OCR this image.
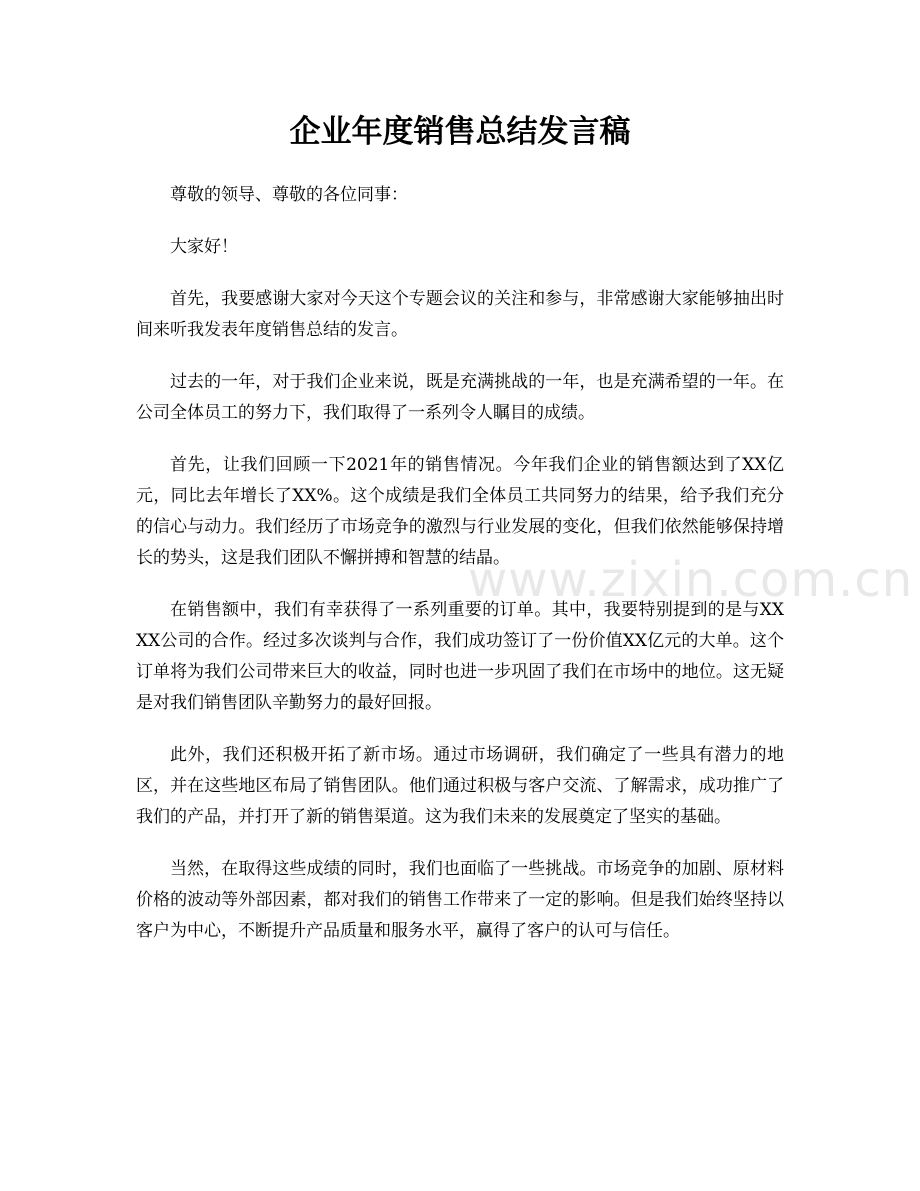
企业年度销售总结发言稿

尊敬的领导、尊敬的各位同事：

大家好！

首先，我要感谢大家对今天这个专题会议的关注和参与，非常感谢大家能够抽出时间来听我发表年度销售总结的发言。

过去的一年，对于我们企业来说，既是充满挑战的一年，也是充满希望的一年。在公司全体员工的努力下，我们取得了一系列令人瞩目的成绩。

首先，让我们回顾一下2021年的销售情况。今年我们企业的销售额达到了XX亿元，同比去年增长了XX%。这个成绩是我们全体员工共同努力的结果，给予我们充分的信心与动力。我们经历了市场竞争的激烈与行业发展的变化，但我们依然能够保持增长的势头，这是我们团队不懈拼搏和智慧的结晶。

在销售额中，我们有幸获得了一系列重要的订单。其中，我要特别提到的是与XXXX公司的合作。经过多次谈判与合作，我们成功签订了一份价值XX亿元的大单。这个订单将为我们公司带来巨大的收益，同时也进一步巩固了我们在市场中的地位。这无疑是对我们销售团队辛勤努力的最好回报。

此外，我们还积极开拓了新市场。通过市场调研，我们确定了一些具有潜力的地区，并在这些地区布局了销售团队。他们通过积极与客户交流、了解需求，成功推广了我们的产品，并打开了新的销售渠道。这为我们未来的发展奠定了坚实的基础。

当然，在取得这些成绩的同时，我们也面临了一些挑战。市场竞争的加剧、原材料价格的波动等外部因素，都对我们的销售工作带来了一定的影响。但是我们始终坚持以客户为中心，不断提升产品质量和服务水平，赢得了客户的认可与信任。

www.zixin.com.cn
